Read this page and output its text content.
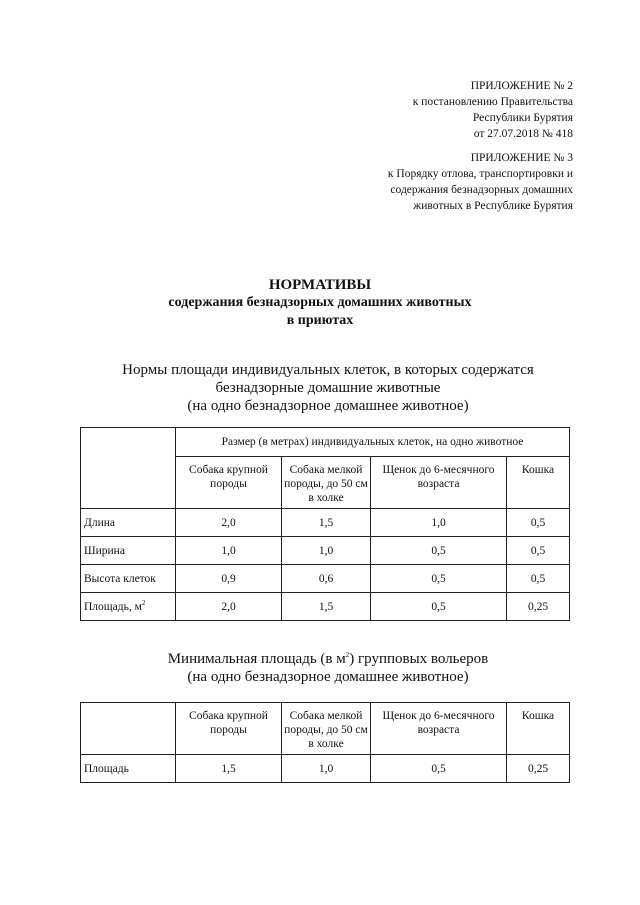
ПРИЛОЖЕНИЕ № 2
к постановлению Правительства
Республики Бурятия
от 27.07.2018 № 418
ПРИЛОЖЕНИЕ № 3
к Порядку отлова, транспортировки и
содержания безнадзорных домашних
животных в Республике Бурятия
НОРМАТИВЫ
содержания безнадзорных домашних животных
в приютах
Нормы площади индивидуальных клеток, в которых содержатся
безнадзорные домашние животные
(на одно безнадзорное домашнее животное)
	Размер (в метрах) индивидуальных клеток, на одно животное			
	Собака крупной породы	Собака мелкой породы, до 50 см в холке	Щенок до 6-месячного возраста	Кошка
Длина	2,0	1,5	1,0	0,5
Ширина	1,0	1,0	0,5	0,5
Высота клеток	0,9	0,6	0,5	0,5
Площадь, $м^2$	2,0	1,5	0,5	0,25
Минимальная площадь (в $м^2$) групповых вольеров
(на одно безнадзорное домашнее животное)
	Собака крупной породы	Собака мелкой породы, до 50 см в холке	Щенок до 6-месячного возраста	Кошка
Площадь	1,5	1,0	0,5	0,25
